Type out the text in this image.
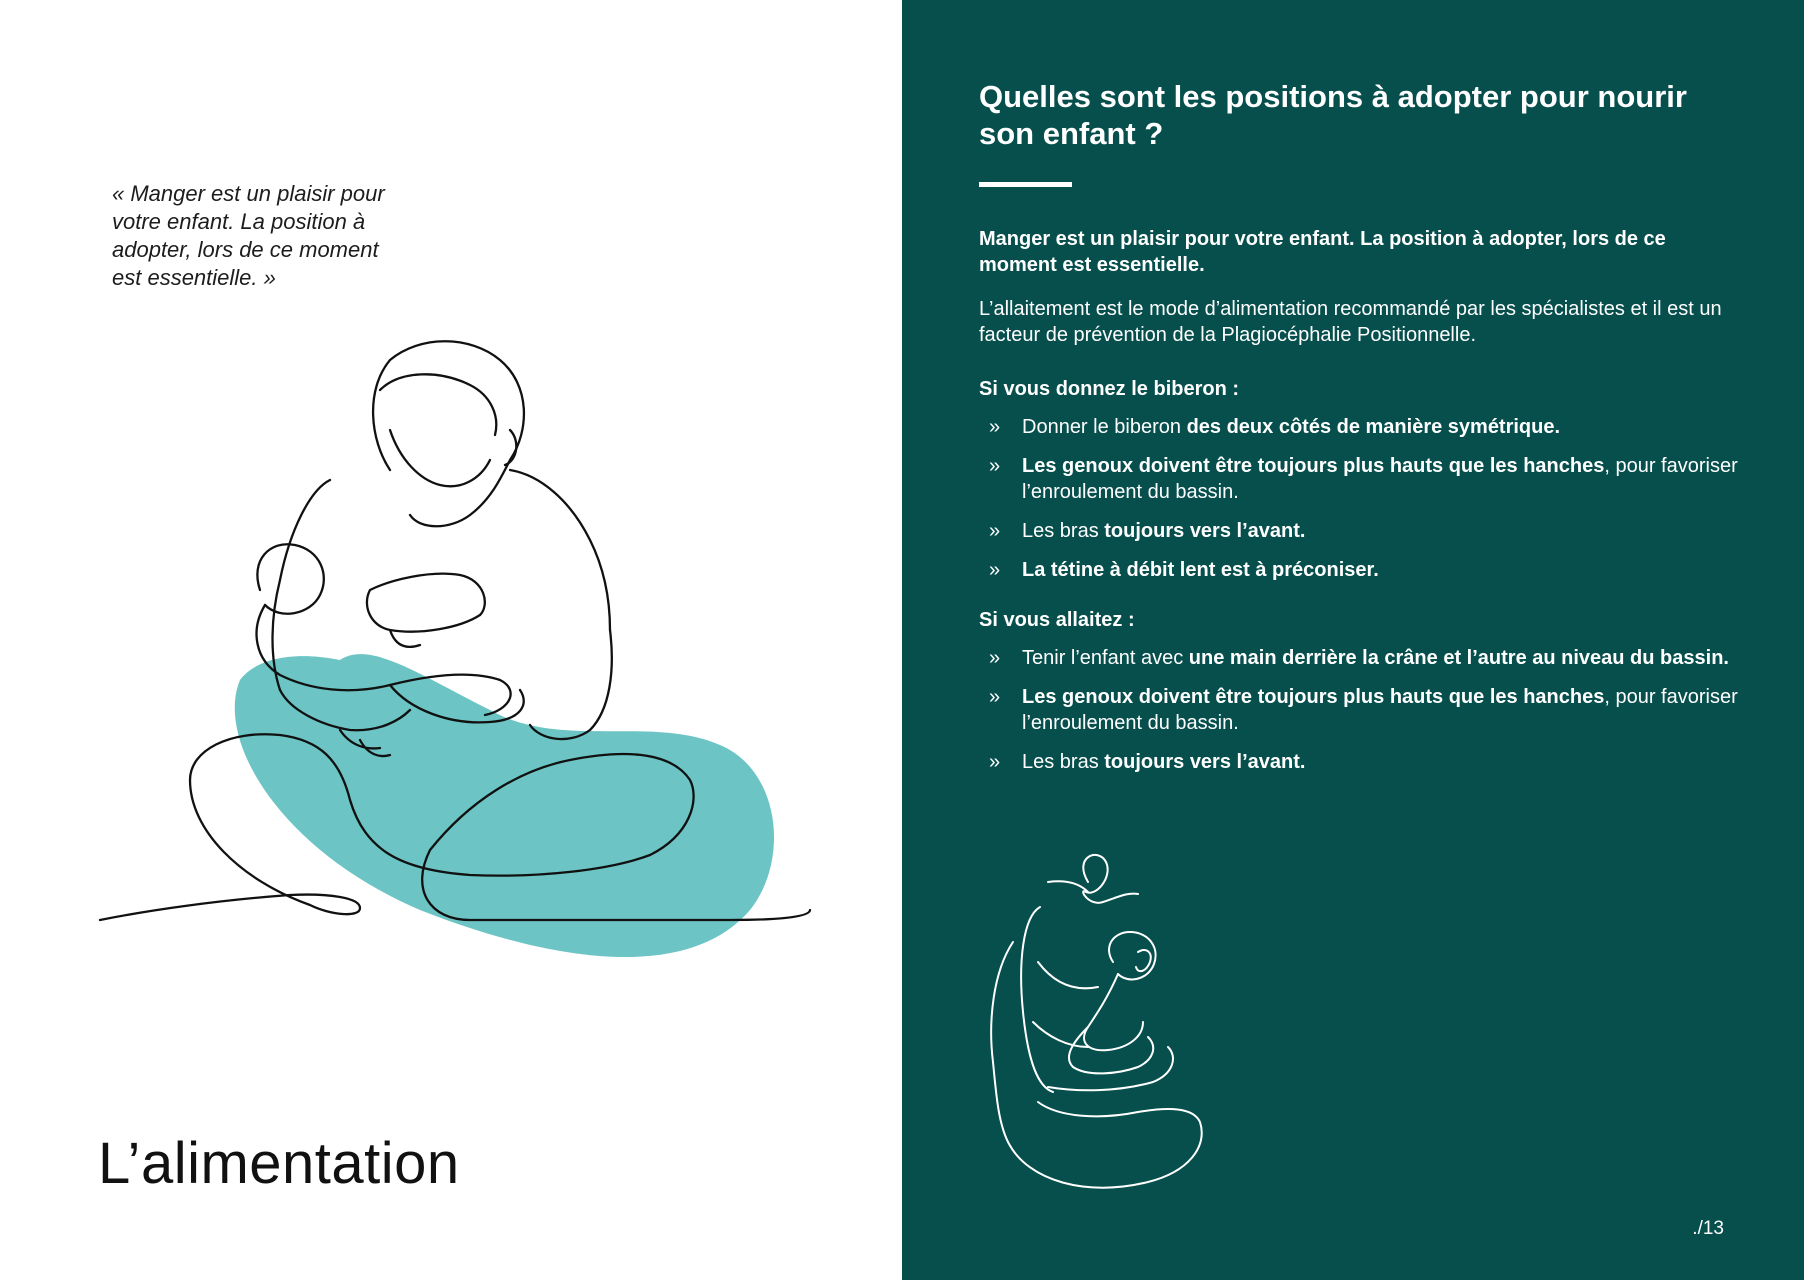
« Manger est un plaisir pour votre enfant. La position à adopter, lors de ce moment est essentielle. »
L’alimentation
Quelles sont les positions à adopter pour nourir son enfant ?

Manger est un plaisir pour votre enfant. La position à adopter, lors de ce moment est essentielle.

L’allaitement est le mode d’alimentation recommandé par les spécialistes et il est un facteur de prévention de la Plagiocéphalie Positionnelle.

Si vous donnez le biberon :

» Donner le biberon des deux côtés de manière symétrique.
» Les genoux doivent être toujours plus hauts que les hanches, pour favoriser l’enroulement du bassin.
» Les bras toujours vers l’avant.
» La tétine à débit lent est à préconiser.

Si vous allaitez :

» Tenir l’enfant avec une main derrière la crâne et l’autre au niveau du bassin.
» Les genoux doivent être toujours plus hauts que les hanches, pour favoriser l’enroulement du bassin.
» Les bras toujours vers l’avant.
./13
